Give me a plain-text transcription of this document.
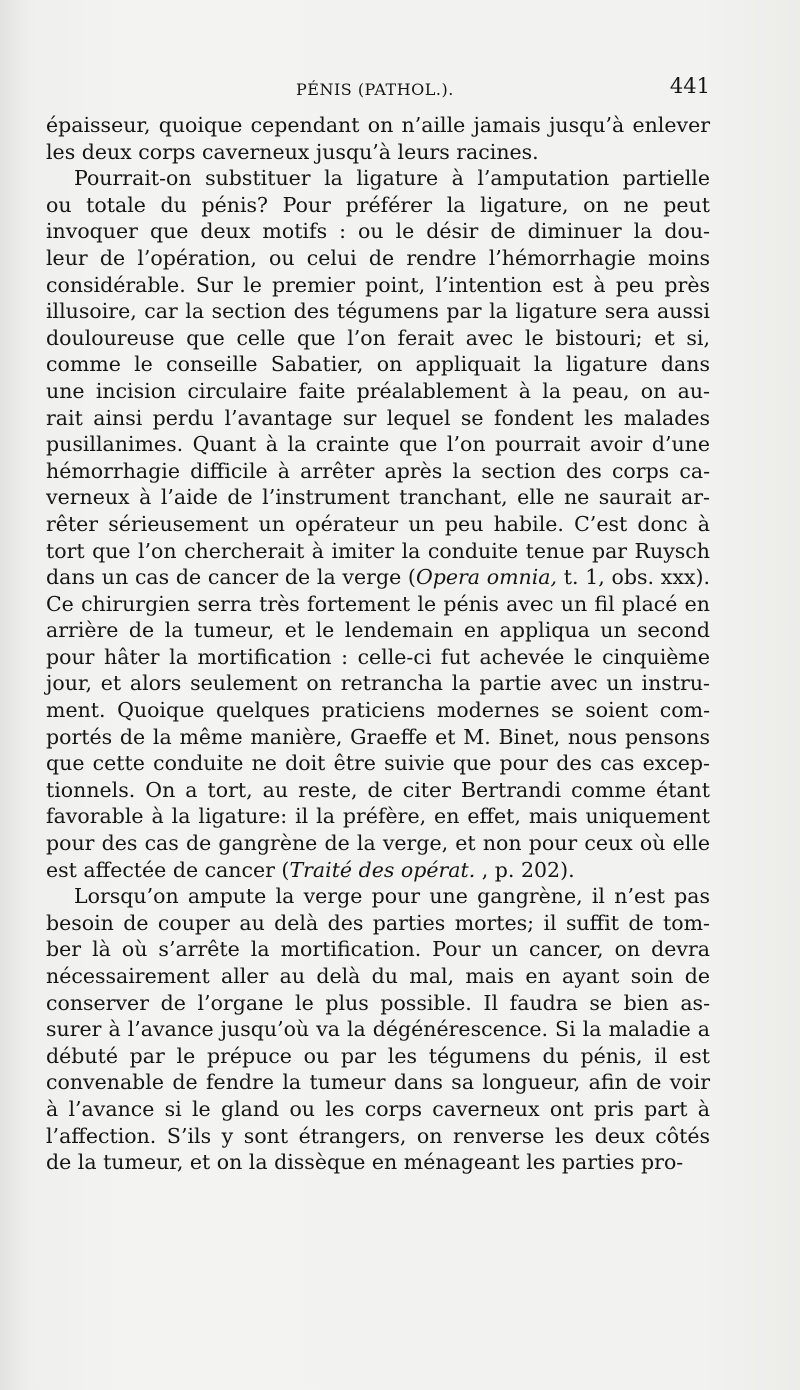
PÉNIS (PATHOL.).	441
épaisseur, quoique cependant on n’aille jamais jusqu’à enlever
les deux corps caverneux jusqu’à leurs racines.
Pourrait-on substituer la ligature à l’amputation partielle
ou totale du pénis? Pour préférer la ligature, on ne peut
invoquer que deux motifs : ou le désir de diminuer la dou-
leur de l’opération, ou celui de rendre l’hémorrhagie moins
considérable. Sur le premier point, l’intention est à peu près
illusoire, car la section des tégumens par la ligature sera aussi
douloureuse que celle que l’on ferait avec le bistouri; et si,
comme le conseille Sabatier, on appliquait la ligature dans
une incision circulaire faite préalablement à la peau, on au-
rait ainsi perdu l’avantage sur lequel se fondent les malades
pusillanimes. Quant à la crainte que l’on pourrait avoir d’une
hémorrhagie difficile à arrêter après la section des corps ca-
verneux à l’aide de l’instrument tranchant, elle ne saurait ar-
rêter sérieusement un opérateur un peu habile. C’est donc à
tort que l’on chercherait à imiter la conduite tenue par Ruysch
dans un cas de cancer de la verge (Opera omnia, t. 1, obs. xxx).
Ce chirurgien serra très fortement le pénis avec un fil placé en
arrière de la tumeur, et le lendemain en appliqua un second
pour hâter la mortification : celle-ci fut achevée le cinquième
jour, et alors seulement on retrancha la partie avec un instru-
ment. Quoique quelques praticiens modernes se soient com-
portés de la même manière, Graeffe et M. Binet, nous pensons
que cette conduite ne doit être suivie que pour des cas excep-
tionnels. On a tort, au reste, de citer Bertrandi comme étant
favorable à la ligature: il la préfère, en effet, mais uniquement
pour des cas de gangrène de la verge, et non pour ceux où elle
est affectée de cancer (Traité des opérat. , p. 202).
Lorsqu’on ampute la verge pour une gangrène, il n’est pas
besoin de couper au delà des parties mortes; il suffit de tom-
ber là où s’arrête la mortification. Pour un cancer, on devra
nécessairement aller au delà du mal, mais en ayant soin de
conserver de l’organe le plus possible. Il faudra se bien as-
surer à l’avance jusqu’où va la dégénérescence. Si la maladie a
débuté par le prépuce ou par les tégumens du pénis, il est
convenable de fendre la tumeur dans sa longueur, afin de voir
à l’avance si le gland ou les corps caverneux ont pris part à
l’affection. S’ils y sont étrangers, on renverse les deux côtés
de la tumeur, et on la dissèque en ménageant les parties pro-
